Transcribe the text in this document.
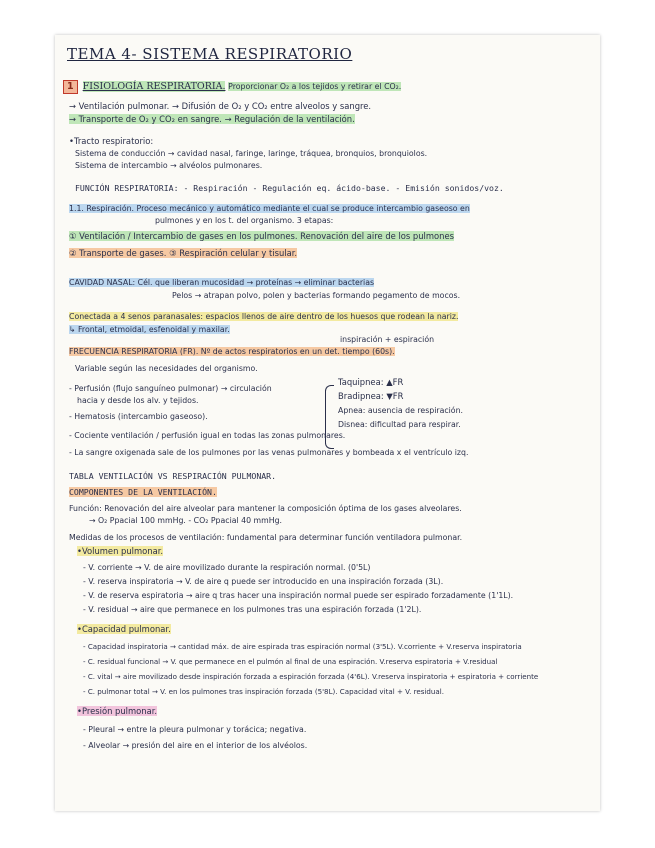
TEMA 4- SISTEMA RESPIRATORIO
1 FISIOLOGÍA RESPIRATORIA. Proporcionar O₂ a los tejidos y retirar el CO₂.
→ Ventilación pulmonar. → Difusión de O₂ y CO₂ entre alveolos y sangre.
→ Transporte de O₂ y CO₂ en sangre. → Regulación de la ventilación.
•Tracto respiratorio:
Sistema de conducción → cavidad nasal, faringe, laringe, tráquea, bronquios, bronquiolos.
Sistema de intercambio → alvéolos pulmonares.
FUNCIÓN RESPIRATORIA: - Respiración - Regulación eq. ácido-base. - Emisión sonidos/voz.
1.1. Respiración. Proceso mecánico y automático mediante el cual se produce intercambio gaseoso en
pulmones y en los t. del organismo. 3 etapas:
① Ventilación / Intercambio de gases en los pulmones. Renovación del aire de los pulmones
② Transporte de gases. ③ Respiración celular y tisular.
CAVIDAD NASAL: Cél. que liberan mucosidad → proteínas → eliminar bacterias
Pelos → atrapan polvo, polen y bacterias formando pegamento de mocos.
Conectada a 4 senos paranasales: espacios llenos de aire dentro de los huesos que rodean la nariz.
↳ Frontal, etmoidal, esfenoidal y maxilar.
inspiración + espiración
FRECUENCIA RESPIRATORIA (FR). Nº de actos respiratorios en un det. tiempo (60s).
Variable según las necesidades del organismo.
Taquipnea: ▲FR
Bradipnea: ▼FR
Apnea: ausencia de respiración.
Disnea: dificultad para respirar.
- Perfusión (flujo sanguíneo pulmonar) → circulación
hacia y desde los alv. y tejidos.
- Hematosis (intercambio gaseoso).
- Cociente ventilación / perfusión igual en todas las zonas pulmonares.
- La sangre oxigenada sale de los pulmones por las venas pulmonares y bombeada x el ventrículo izq.
TABLA VENTILACIÓN VS RESPIRACIÓN PULMONAR.
COMPONENTES DE LA VENTILACIÓN.
Función: Renovación del aire alveolar para mantener la composición óptima de los gases alveolares.
→ O₂ Ppacial 100 mmHg. - CO₂ Ppacial 40 mmHg.
Medidas de los procesos de ventilación: fundamental para determinar función ventiladora pulmonar.
•Volumen pulmonar.
- V. corriente → V. de aire movilizado durante la respiración normal. (0'5L)
- V. reserva inspiratoria → V. de aire q puede ser introducido en una inspiración forzada (3L).
- V. de reserva espiratoria → aire q tras hacer una inspiración normal puede ser espirado forzadamente (1'1L).
- V. residual → aire que permanece en los pulmones tras una espiración forzada (1'2L).
•Capacidad pulmonar.
- Capacidad inspiratoria → cantidad máx. de aire espirada tras espiración normal (3'5L). V.corriente + V.reserva inspiratoria
- C. residual funcional → V. que permanece en el pulmón al final de una espiración. V.reserva espiratoria + V.residual
- C. vital → aire movilizado desde inspiración forzada a espiración forzada (4'6L). V.reserva inspiratoria + espiratoria + corriente
- C. pulmonar total → V. en los pulmones tras inspiración forzada (5'8L). Capacidad vital + V. residual.
•Presión pulmonar.
- Pleural → entre la pleura pulmonar y torácica; negativa.
- Alveolar → presión del aire en el interior de los alvéolos.
